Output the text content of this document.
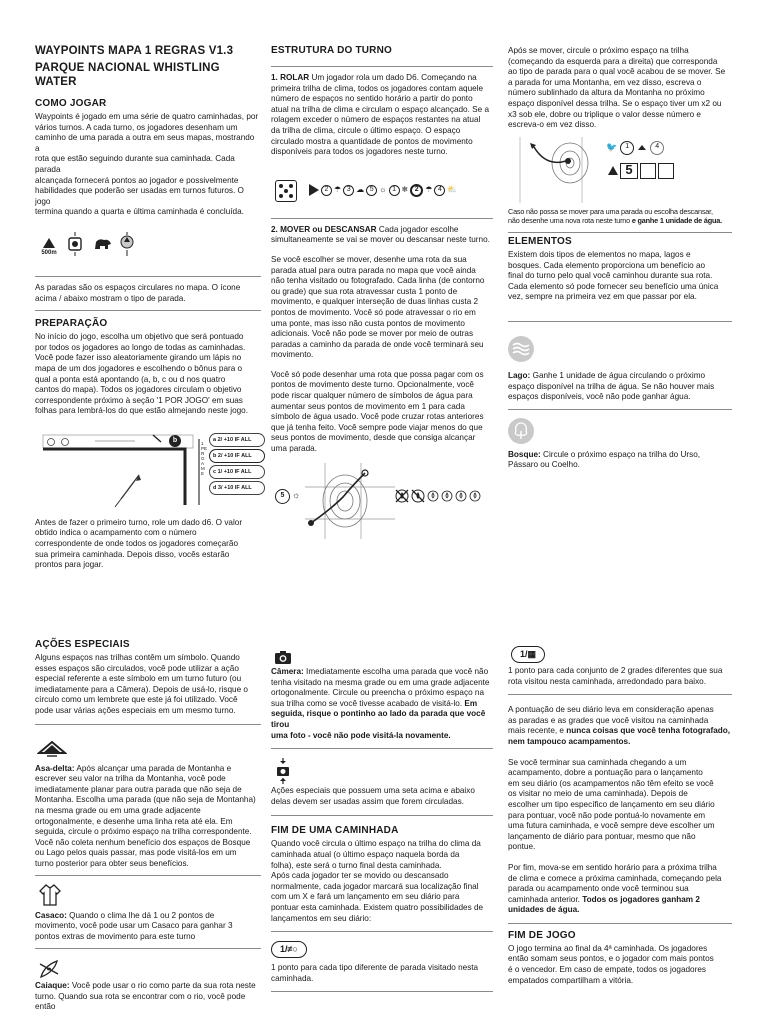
WAYPOINTS MAPA 1 REGRAS V1.3
PARQUE NACIONAL WHISTLING WATER
COMO JOGAR
Waypoints é jogado em uma série de quatro caminhadas, por
vários turnos. A cada turno, os jogadores desenham um
caminho de uma parada a outra em seus mapas, mostrando a
rota que estão seguindo durante sua caminhada. Cada parada
alcançada fornecerá pontos ao jogador e possivelmente
habilidades que poderão ser usadas em turnos futuros. O jogo
termina quando a quarta e última caminhada é concluída.
500m
As paradas são os espaços circulares no mapa. O ícone
acima / abaixo mostram o tipo de parada.
PREPARAÇÃO
No início do jogo, escolha um objetivo que será pontuado
por todos os jogadores ao longo de todas as caminhadas.
Você pode fazer isso aleatoriamente girando um lápis no
mapa de um dos jogadores e escolhendo o bônus para o
qual a ponta está apontando (a, b, c ou d nos quatro
cantos do mapa). Todos os jogadores circulam o objetivo
correspondente próximo à seção '1 POR JOGO' em suas
folhas para lembrá-los do que estão almejando neste jogo.
b	1 PER GAME
a
2/
+10 IF ALL
b
2/
+10 IF ALL
c
1/
+10 IF ALL
d
3/
+10 IF ALL
Antes de fazer o primeiro turno, role um dado d6. O valor
obtido indica o acampamento com o número
correspondente de onde todos os jogadores começarão
sua primeira caminhada. Depois disso, vocês estarão
prontos para jogar.
ESTRUTURA DO TURNO
1. ROLAR Um jogador rola um dado D6. Começando na
primeira trilha de clima, todos os jogadores contam aquele
número de espaços no sentido horário a partir do ponto
atual na trilha de clima e circulam o espaço alcançado. Se a
rolagem exceder o número de espaços restantes na atual
da trilha de clima, circule o último espaço. O espaço
circulado mostra a quantidade de pontos de movimento
disponíveis para todos os jogadores neste turno.
2 ☂ 3 ☁ 5 ☼ 1 ❄ 2 ☂ 4 ⛅
2. MOVER ou DESCANSAR Cada jogador escolhe
simultaneamente se vai se mover ou descansar neste turno.
Se você escolher se mover, desenhe uma rota da sua
parada atual para outra parada no mapa que você ainda
não tenha visitado ou fotografado. Cada linha (de contorno
ou grade) que sua rota atravessar custa 1 ponto de
movimento, e qualquer interseção de duas linhas custa 2
pontos de movimento. Você só pode atravessar o rio em
uma ponte, mas isso não custa pontos de movimento
adicionais. Você não pode se mover por meio de outras
paradas a caminho da parada de onde você terminará seu
movimento.
Você só pode desenhar uma rota que possa pagar com os
pontos de movimento deste turno. Opcionalmente, você
pode riscar qualquer número de símbolos de água para
aumentar seus pontos de movimento em 1 para cada
símbolo de água usado. Você pode cruzar rotas anteriores
que já tenha feito. Você sempre pode viajar menos do que
seus pontos de movimento, desde que consiga alcançar
uma parada.
5 ☼
Após se mover, circule o próximo espaço na trilha
(começando da esquerda para a direita) que corresponda
ao tipo de parada para o qual você acabou de se mover. Se
a parada for uma Montanha, em vez disso, escreva o
número sublinhado da altura da Montanha no próximo
espaço disponível dessa trilha. Se o espaço tiver um x2 ou
x3 sob ele, dobre ou triplique o valor desse número e
escreva-o em vez disso.
🐦	1	4
5
Caso não possa se mover para uma parada ou escolha descansar,
não desenhe uma nova rota neste turno e ganhe 1 unidade de água.
ELEMENTOS
Existem dois tipos de elementos no mapa, lagos e
bosques. Cada elemento proporciona um benefício ao
final do turno pelo qual você caminhou durante sua rota.
Cada elemento só pode fornecer seu benefício uma única
vez, sempre na primeira vez em que passar por ela.
Lago: Ganhe 1 unidade de água circulando o próximo
espaço disponível na trilha de água. Se não houver mais
espaços disponíveis, você não pode ganhar água.
Bosque: Circule o próximo espaço na trilha do Urso,
Pássaro ou Coelho.
AÇÕES ESPECIAIS
Alguns espaços nas trilhas contêm um símbolo. Quando
esses espaços são circulados, você pode utilizar a ação
especial referente a este símbolo em um turno futuro (ou
imediatamente para a Câmera). Depois de usá-lo, risque o
círculo como um lembrete que este já foi utilizado. Você
pode usar várias ações especiais em um mesmo turno.
Asa-delta: Após alcançar uma parada de Montanha e
escrever seu valor na trilha da Montanha, você pode
imediatamente planar para outra parada que não seja de
Montanha. Escolha uma parada (que não seja de Montanha)
na mesma grade ou em uma grade adjacente
ortogonalmente, e desenhe uma linha reta até ela. Em
seguida, circule o próximo espaço na trilha correspondente.
Você não coleta nenhum benefício dos espaços de Bosque
ou Lago pelos quais passar, mas pode visitá-los em um
turno posterior para obter seus benefícios.
Casaco: Quando o clima lhe dá 1 ou 2 pontos de
movimento, você pode usar um Casaco para ganhar 3
pontos extras de movimento para este turno
Caiaque: Você pode usar o rio como parte da sua rota neste
turno. Quando sua rota se encontrar com o rio, você pode então
Câmera: Imediatamente escolha uma parada que você não
tenha visitado na mesma grade ou em uma grade adjacente
ortogonalmente. Circule ou preencha o próximo espaço na
sua trilha como se você tivesse acabado de visitá-lo. Em
seguida, risque o pontinho ao lado da parada que você tirou
uma foto - você não pode visitá-la novamente.
Ações especiais que possuem uma seta acima e abaixo
delas devem ser usadas assim que forem circuladas.
FIM DE UMA CAMINHADA
Quando você circula o último espaço na trilha do clima da
caminhada atual (o último espaço naquela borda da
folha), este será o turno final desta caminhada.
Após cada jogador ter se movido ou descansado
normalmente, cada jogador marcará sua localização final
com um X e fará um lançamento em seu diário para
pontuar esta caminhada. Existem quatro possibilidades de
lançamentos em seu diário:
1/≠○
1 ponto para cada tipo diferente de parada visitado nesta
caminhada.
1/▦
1 ponto para cada conjunto de 2 grades diferentes que sua
rota visitou nesta caminhada, arredondado para baixo.
A pontuação de seu diário leva em consideração apenas
as paradas e as grades que você visitou na caminhada
mais recente, e nunca coisas que você tenha fotografado,
nem tampouco acampamentos.
Se você terminar sua caminhada chegando a um
acampamento, dobre a pontuação para o lançamento
em seu diário (os acampamentos não têm efeito se você
os visitar no meio de uma caminhada). Depois de
escolher um tipo específico de lançamento em seu diário
para pontuar, você não pode pontuá-lo novamente em
uma futura caminhada, e você sempre deve escolher um
lançamento de diário para pontuar, mesmo que não
pontue.
Por fim, mova-se em sentido horário para a próxima trilha
de clima e comece a próxima caminhada, começando pela
parada ou acampamento onde você terminou sua
caminhada anterior. Todos os jogadores ganham 2
unidades de água.
FIM DE JOGO
O jogo termina ao final da 4ª caminhada. Os jogadores
então somam seus pontos, e o jogador com mais pontos
é o vencedor. Em caso de empate, todos os jogadores
empatados compartilham a vitória.
